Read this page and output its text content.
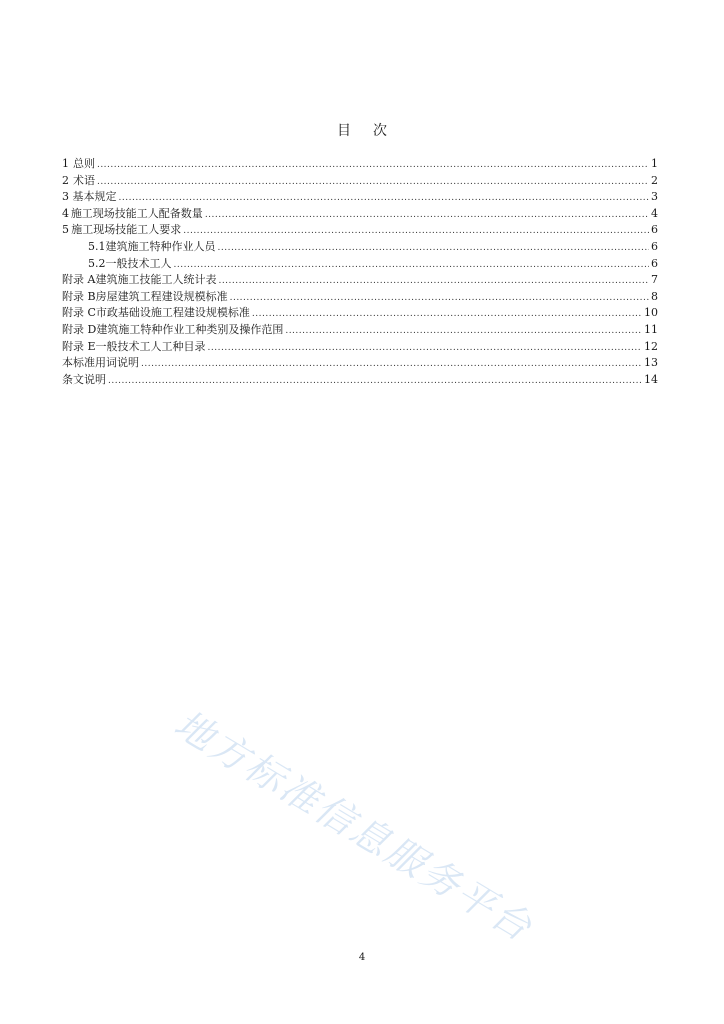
目 次
1 总则 .....	1
2 术语 .....	2
3 基本规定 .....	3
4 施工现场技能工人配备数量 .....	4
5 施工现场技能工人要求 .....	6
5.1 建筑施工特种作业人员 .....	6
5.2 一般技术工人 .....	6
附录 A 建筑施工技能工人统计表 .....	7
附录 B 房屋建筑工程建设规模标准 .....	8
附录 C 市政基础设施工程建设规模标准 .....	10
附录 D 建筑施工特种作业工种类别及操作范围 .....	11
附录 E 一般技术工人工种目录 .....	12
本标准用词说明 .....	13
条文说明 .....	14
地方标准信息服务平台
4
